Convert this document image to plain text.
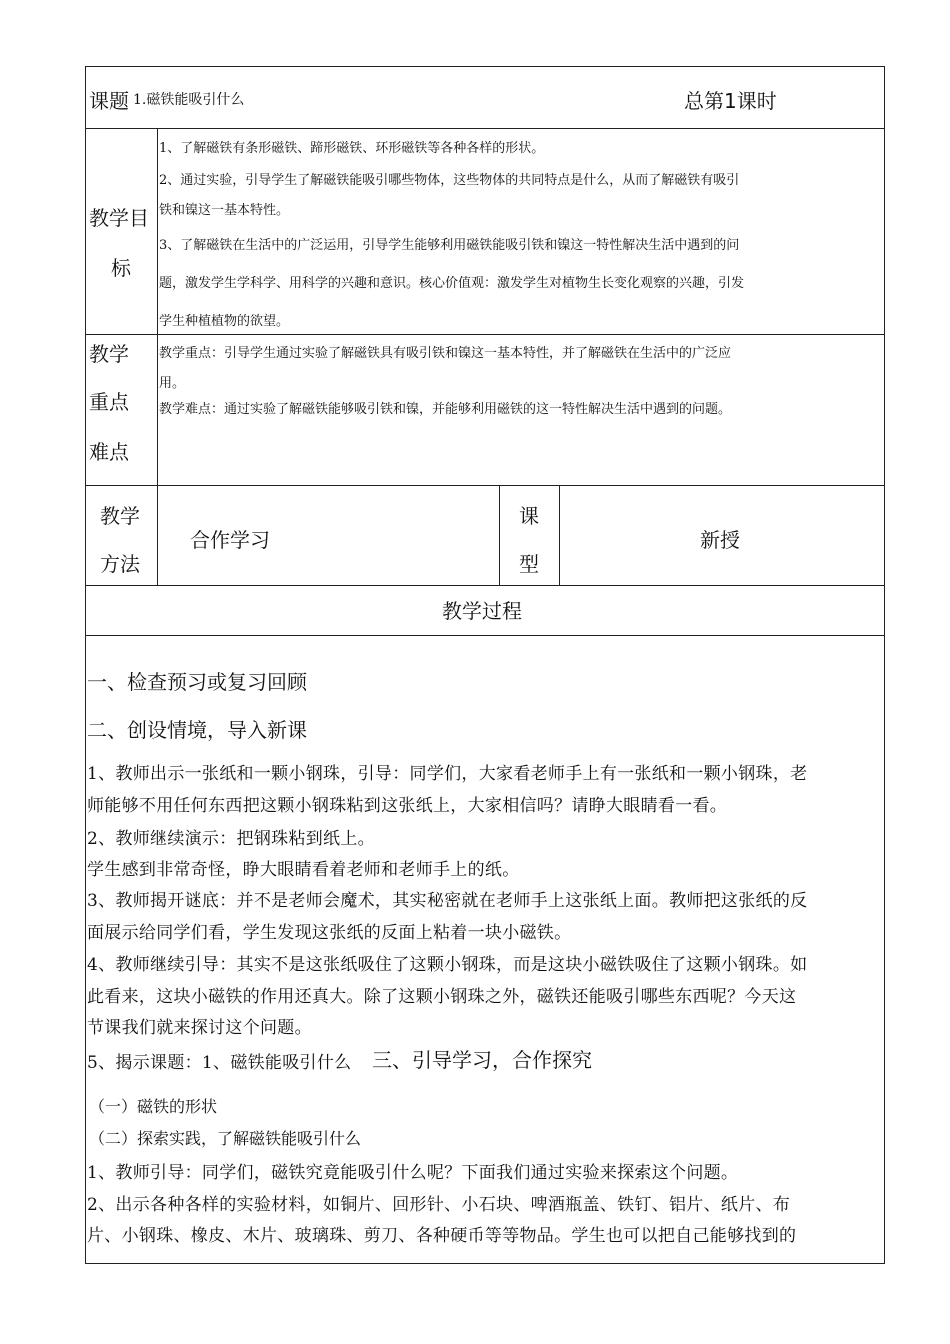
课题 1.磁铁能吸引什么	总第1课时
教学目
标
1、了解磁铁有条形磁铁、蹄形磁铁、环形磁铁等各种各样的形状。
2、通过实验，引导学生了解磁铁能吸引哪些物体，这些物体的共同特点是什么，从而了解磁铁有吸引
铁和镍这一基本特性。
3、了解磁铁在生活中的广泛运用，引导学生能够利用磁铁能吸引铁和镍这一特性解决生活中遇到的问
题，激发学生学科学、用科学的兴趣和意识。核心价值观：激发学生对植物生长变化观察的兴趣，引发
学生种植植物的欲望。
教学
重点
难点
教学重点：引导学生通过实验了解磁铁具有吸引铁和镍这一基本特性，并了解磁铁在生活中的广泛应
用。
教学难点：通过实验了解磁铁能够吸引铁和镍，并能够利用磁铁的这一特性解决生活中遇到的问题。
教学
方法
合作学习
课
型
新授
教学过程
一、检查预习或复习回顾
二、创设情境，导入新课
1、教师出示一张纸和一颗小钢珠，引导：同学们，大家看老师手上有一张纸和一颗小钢珠，老
师能够不用任何东西把这颗小钢珠粘到这张纸上，大家相信吗？请睁大眼睛看一看。
2、教师继续演示：把钢珠粘到纸上。
学生感到非常奇怪，睁大眼睛看着老师和老师手上的纸。
3、教师揭开谜底：并不是老师会魔术，其实秘密就在老师手上这张纸上面。教师把这张纸的反
面展示给同学们看，学生发现这张纸的反面上粘着一块小磁铁。
4、教师继续引导：其实不是这张纸吸住了这颗小钢珠，而是这块小磁铁吸住了这颗小钢珠。如
此看来，这块小磁铁的作用还真大。除了这颗小钢珠之外，磁铁还能吸引哪些东西呢？今天这
节课我们就来探讨这个问题。
5、揭示课题：1、磁铁能吸引什么 三、引导学习，合作探究
（一）磁铁的形状
（二）探索实践，了解磁铁能吸引什么
1、教师引导：同学们，磁铁究竟能吸引什么呢？下面我们通过实验来探索这个问题。
2、出示各种各样的实验材料，如铜片、回形针、小石块、啤酒瓶盖、铁钉、铝片、纸片、布
片、小钢珠、橡皮、木片、玻璃珠、剪刀、各种硬币等等物品。学生也可以把自己能够找到的
